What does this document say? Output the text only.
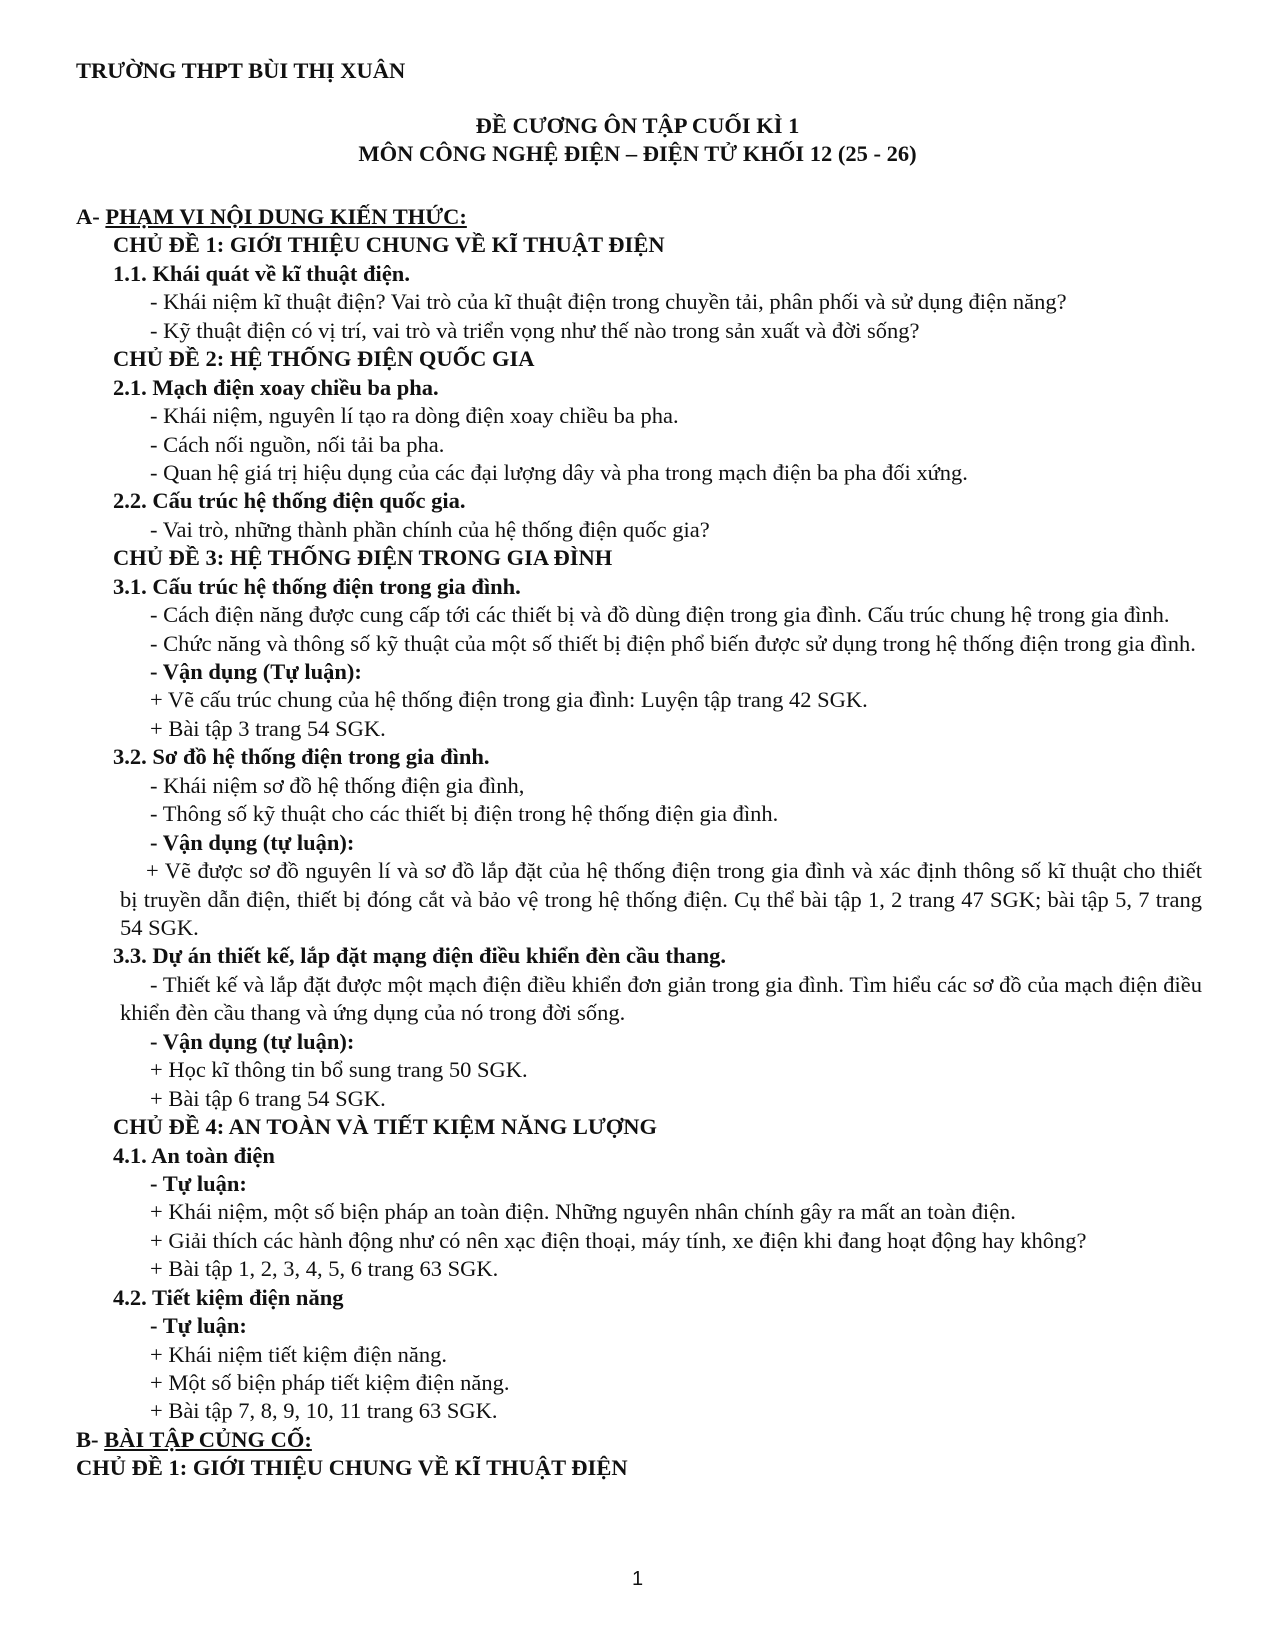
TRƯỜNG THPT BÙI THỊ XUÂN
ĐỀ CƯƠNG ÔN TẬP CUỐI KÌ 1
MÔN CÔNG NGHỆ ĐIỆN – ĐIỆN TỬ KHỐI 12 (25 - 26)
A- PHẠM VI NỘI DUNG KIẾN THỨC:
CHỦ ĐỀ 1: GIỚI THIỆU CHUNG VỀ KĨ THUẬT ĐIỆN
1.1. Khái quát về kĩ thuật điện.
- Khái niệm kĩ thuật điện? Vai trò của kĩ thuật điện trong chuyền tải, phân phối và sử dụng điện năng?
- Kỹ thuật điện có vị trí, vai trò và triển vọng như thế nào trong sản xuất và đời sống?
CHỦ ĐỀ 2: HỆ THỐNG ĐIỆN QUỐC GIA
2.1. Mạch điện xoay chiều ba pha.
- Khái niệm, nguyên lí tạo ra dòng điện xoay chiều ba pha.
- Cách nối nguồn, nối tải ba pha.
- Quan hệ giá trị hiệu dụng của các đại lượng dây và pha trong mạch điện ba pha đối xứng.
2.2. Cấu trúc hệ thống điện quốc gia.
- Vai trò, những thành phần chính của hệ thống điện quốc gia?
CHỦ ĐỀ 3: HỆ THỐNG ĐIỆN TRONG GIA ĐÌNH
3.1. Cấu trúc hệ thống điện trong gia đình.
- Cách điện năng được cung cấp tới các thiết bị và đồ dùng điện trong gia đình. Cấu trúc chung hệ trong gia đình.
- Chức năng và thông số kỹ thuật của một số thiết bị điện phổ biến được sử dụng trong hệ thống điện trong gia đình.
- Vận dụng (Tự luận):
+ Vẽ cấu trúc chung của hệ thống điện trong gia đình: Luyện tập trang 42 SGK.
+ Bài tập 3 trang 54 SGK.
3.2. Sơ đồ hệ thống điện trong gia đình.
- Khái niệm sơ đồ hệ thống điện gia đình,
- Thông số kỹ thuật cho các thiết bị điện trong hệ thống điện gia đình.
- Vận dụng (tự luận):
+ Vẽ được sơ đồ nguyên lí và sơ đồ lắp đặt của hệ thống điện trong gia đình và xác định thông số kĩ thuật cho thiết bị truyền dẫn điện, thiết bị đóng cắt và bảo vệ trong hệ thống điện. Cụ thể bài tập 1, 2 trang 47 SGK; bài tập 5, 7 trang 54 SGK.
3.3. Dự án thiết kế, lắp đặt mạng điện điều khiển đèn cầu thang.
- Thiết kế và lắp đặt được một mạch điện điều khiển đơn giản trong gia đình. Tìm hiểu các sơ đồ của mạch điện điều khiển đèn cầu thang và ứng dụng của nó trong đời sống.
- Vận dụng (tự luận):
+ Học kĩ thông tin bổ sung trang 50 SGK.
+ Bài tập 6 trang 54 SGK.
CHỦ ĐỀ 4: AN TOÀN VÀ TIẾT KIỆM NĂNG LƯỢNG
4.1. An toàn điện
- Tự luận:
+ Khái niệm, một số biện pháp an toàn điện. Những nguyên nhân chính gây ra mất an toàn điện.
+ Giải thích các hành động như có nên xạc điện thoại, máy tính, xe điện khi đang hoạt động hay không?
+ Bài tập 1, 2, 3, 4, 5, 6 trang 63 SGK.
4.2. Tiết kiệm điện năng
- Tự luận:
+ Khái niệm tiết kiệm điện năng.
+ Một số biện pháp tiết kiệm điện năng.
+ Bài tập 7, 8, 9, 10, 11 trang 63 SGK.
B- BÀI TẬP CỦNG CỐ:
CHỦ ĐỀ 1: GIỚI THIỆU CHUNG VỀ KĨ THUẬT ĐIỆN
1
